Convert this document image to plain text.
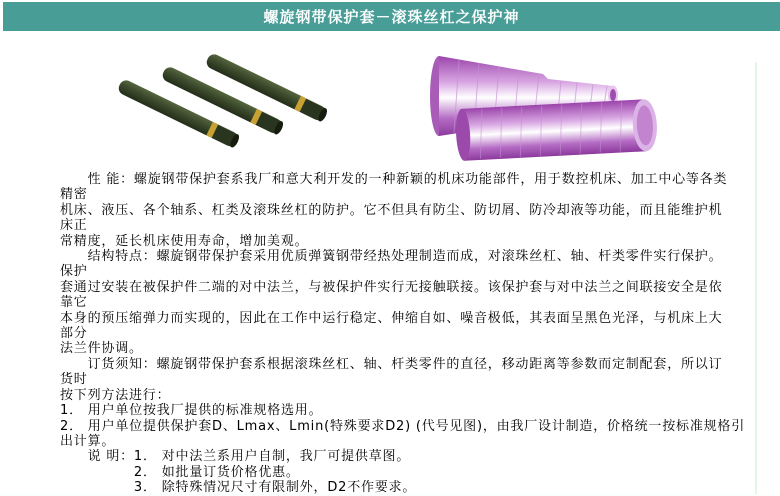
螺旋钢带保护套－滚珠丝杠之保护神
　　性 能：螺旋钢带保护套系我厂和意大利开发的一种新颖的机床功能部件，用于数控机床、加工中心等各类
精密
机床、液压、各个轴系、杠类及滚珠丝杠的防护。它不但具有防尘、防切屑、防冷却液等功能，而且能维护机
床正
常精度，延长机床使用寿命，增加美观。
　　结构特点：螺旋钢带保护套采用优质弹簧钢带经热处理制造而成，对滚珠丝杠、轴、杆类零件实行保护。
保护
套通过安装在被保护件二端的对中法兰，与被保护件实行无接触联接。该保护套与对中法兰之间联接安全是依
靠它
本身的预压缩弹力而实现的，因此在工作中运行稳定、伸缩自如、噪音极低，其表面呈黑色光泽，与机床上大
部分
法兰件协调。
　　订货须知：螺旋钢带保护套系根据滚珠丝杠、轴、杆类零件的直径，移动距离等参数而定制配套，所以订
货时
按下列方法进行：
1． 用户单位按我厂提供的标准规格选用。
2． 用户单位提供保护套D、Lmax、Lmin(特殊要求D2) (代号见图)，由我厂设计制造，价格统一按标准规格引
出计算。
　　说 明：1． 对中法兰系用户自制，我厂可提供草图。
　　　　　 2． 如批量订货价格优惠。
　　　　　 3． 除特殊情况尺寸有限制外，D2不作要求。
